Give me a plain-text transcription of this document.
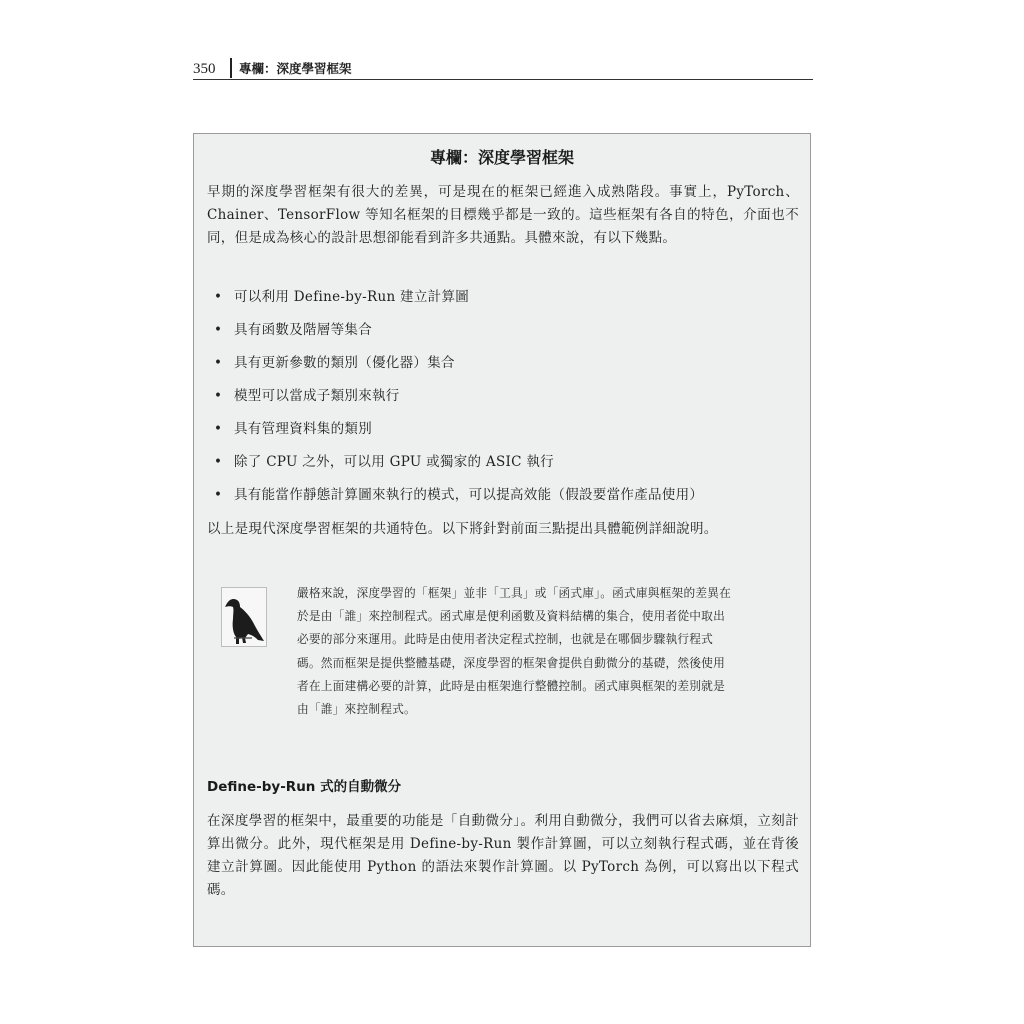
350 專欄：深度學習框架
專欄：深度學習框架

早期的深度學習框架有很大的差異，可是現在的框架已經進入成熟階段。事實上，PyTorch、Chainer、TensorFlow 等知名框架的目標幾乎都是一致的。這些框架有各自的特色，介面也不同，但是成為核心的設計思想卻能看到許多共通點。具體來說，有以下幾點。

• 可以利用 Define-by-Run 建立計算圖
• 具有函數及階層等集合
• 具有更新參數的類別（優化器）集合
• 模型可以當成子類別來執行
• 具有管理資料集的類別
• 除了 CPU 之外，可以用 GPU 或獨家的 ASIC 執行
• 具有能當作靜態計算圖來執行的模式，可以提高效能（假設要當作產品使用）

以上是現代深度學習框架的共通特色。以下將針對前面三點提出具體範例詳細說明。

嚴格來說，深度學習的「框架」並非「工具」或「函式庫」。函式庫與框架的差異在於是由「誰」來控制程式。函式庫是便利函數及資料結構的集合，使用者從中取出必要的部分來運用。此時是由使用者決定程式控制，也就是在哪個步驟執行程式碼。然而框架是提供整體基礎，深度學習的框架會提供自動微分的基礎，然後使用者在上面建構必要的計算，此時是由框架進行整體控制。函式庫與框架的差別就是由「誰」來控制程式。

Define-by-Run 式的自動微分

在深度學習的框架中，最重要的功能是「自動微分」。利用自動微分，我們可以省去麻煩，立刻計算出微分。此外，現代框架是用 Define-by-Run 製作計算圖，可以立刻執行程式碼，並在背後建立計算圖。因此能使用 Python 的語法來製作計算圖。以 PyTorch 為例，可以寫出以下程式碼。
